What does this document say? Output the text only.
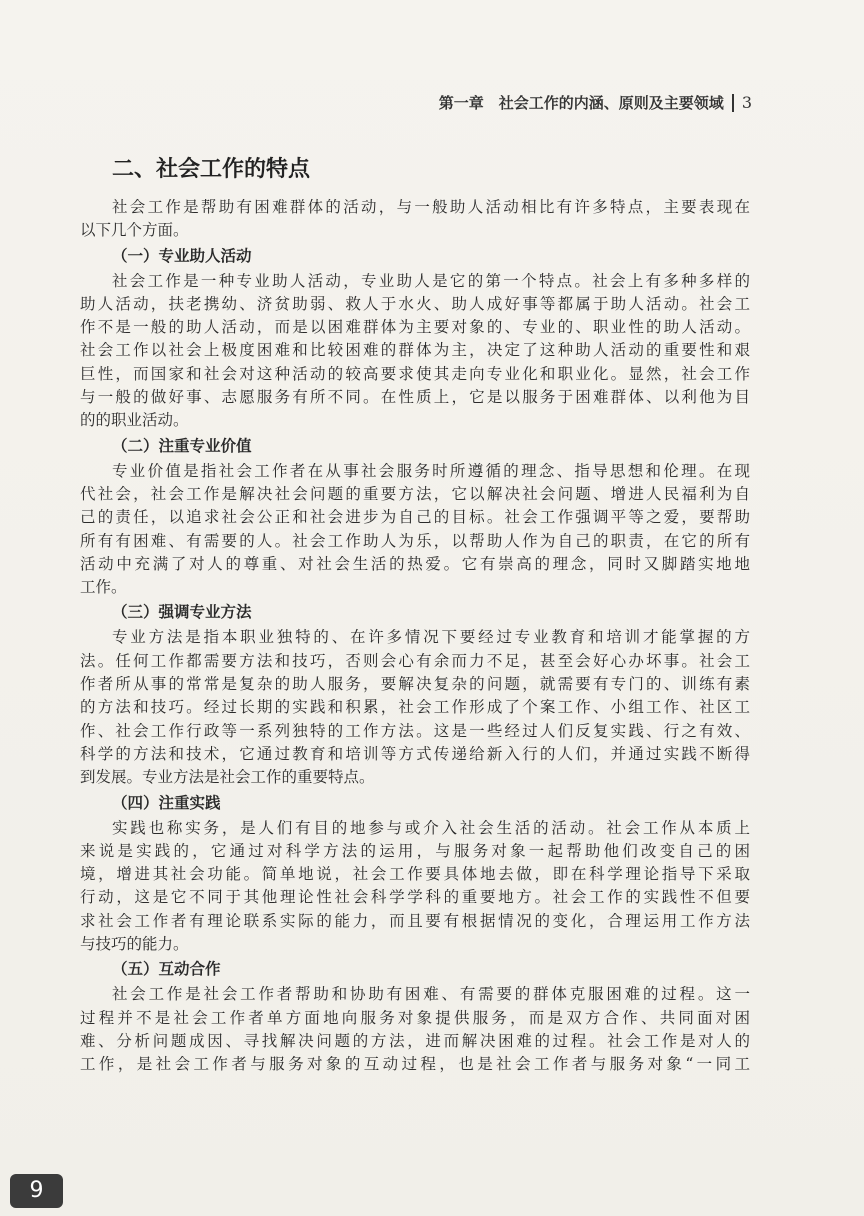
第一章　社会工作的内涵、原则及主要领域 3
二、社会工作的特点
社会工作是帮助有困难群体的活动，与一般助人活动相比有许多特点，主要表现在
以下几个方面。
（一）专业助人活动
社会工作是一种专业助人活动，专业助人是它的第一个特点。社会上有多种多样的
助人活动，扶老携幼、济贫助弱、救人于水火、助人成好事等都属于助人活动。社会工
作不是一般的助人活动，而是以困难群体为主要对象的、专业的、职业性的助人活动。
社会工作以社会上极度困难和比较困难的群体为主，决定了这种助人活动的重要性和艰
巨性，而国家和社会对这种活动的较高要求使其走向专业化和职业化。显然，社会工作
与一般的做好事、志愿服务有所不同。在性质上，它是以服务于困难群体、以利他为目
的的职业活动。
（二）注重专业价值
专业价值是指社会工作者在从事社会服务时所遵循的理念、指导思想和伦理。在现
代社会，社会工作是解决社会问题的重要方法，它以解决社会问题、增进人民福利为自
己的责任，以追求社会公正和社会进步为自己的目标。社会工作强调平等之爱，要帮助
所有有困难、有需要的人。社会工作助人为乐，以帮助人作为自己的职责，在它的所有
活动中充满了对人的尊重、对社会生活的热爱。它有崇高的理念，同时又脚踏实地地
工作。
（三）强调专业方法
专业方法是指本职业独特的、在许多情况下要经过专业教育和培训才能掌握的方
法。任何工作都需要方法和技巧，否则会心有余而力不足，甚至会好心办坏事。社会工
作者所从事的常常是复杂的助人服务，要解决复杂的问题，就需要有专门的、训练有素
的方法和技巧。经过长期的实践和积累，社会工作形成了个案工作、小组工作、社区工
作、社会工作行政等一系列独特的工作方法。这是一些经过人们反复实践、行之有效、
科学的方法和技术，它通过教育和培训等方式传递给新入行的人们，并通过实践不断得
到发展。专业方法是社会工作的重要特点。
（四）注重实践
实践也称实务，是人们有目的地参与或介入社会生活的活动。社会工作从本质上
来说是实践的，它通过对科学方法的运用，与服务对象一起帮助他们改变自己的困
境，增进其社会功能。简单地说，社会工作要具体地去做，即在科学理论指导下采取
行动，这是它不同于其他理论性社会科学学科的重要地方。社会工作的实践性不但要
求社会工作者有理论联系实际的能力，而且要有根据情况的变化，合理运用工作方法
与技巧的能力。
（五）互动合作
社会工作是社会工作者帮助和协助有困难、有需要的群体克服困难的过程。这一
过程并不是社会工作者单方面地向服务对象提供服务，而是双方合作、共同面对困
难、分析问题成因、寻找解决问题的方法，进而解决困难的过程。社会工作是对人的
工作，是社会工作者与服务对象的互动过程，也是社会工作者与服务对象“一同工
9
